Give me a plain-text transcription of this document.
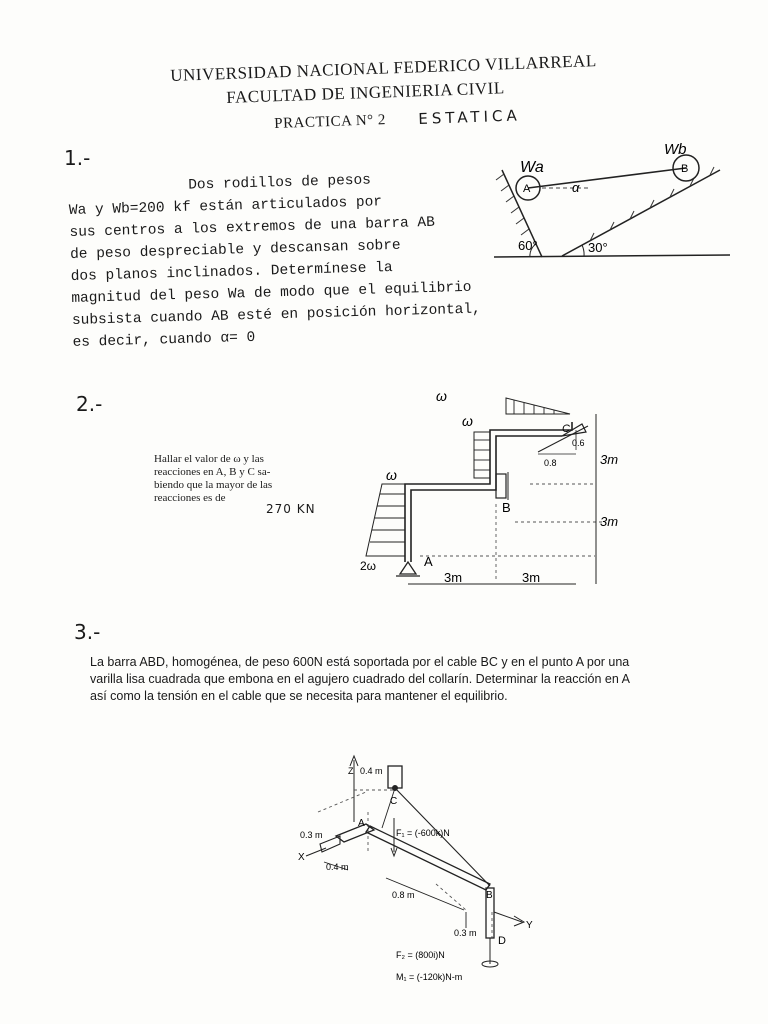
UNIVERSIDAD NACIONAL FEDERICO VILLARREAL
FACULTAD DE INGENIERIA CIVIL
PRACTICA N° 2 ESTATICA
1.-
Dos rodillos de pesos
Wa y Wb=200 kf están articulados por
sus centros a los extremos de una barra AB
de peso despreciable y descansan sobre
dos planos inclinados. Determínese la
magnitud del peso Wa de modo que el equilibrio
subsista cuando AB esté en posición horizontal,
es decir, cuando α= 0
Wa
Wb
A
B
α
60°	30°
2.-
Hallar el valor de ω y las
reacciones en A, B y C sa-
biendo que la mayor de las
reacciones es de
270 KN
ω
ω
ω
2ω	A
B
C
0.8
0.6
3m
3m
3m	3m
3.-
La barra ABD, homogénea, de peso 600N está soportada por el cable BC y en el punto A por una
varilla lisa cuadrada que embona en el agujero cuadrado del collarín. Determinar la reacción en A
así como la tensión en el cable que se necesita para mantener el equilibrio.
Z 0.4 m
C
A
0.3 m	F₁ = (-600k)N
X
0.4 m
0.8 m	B
Y
0.3 m
D
F₂ = (800i)N
M₁ = (-120k)N-m
